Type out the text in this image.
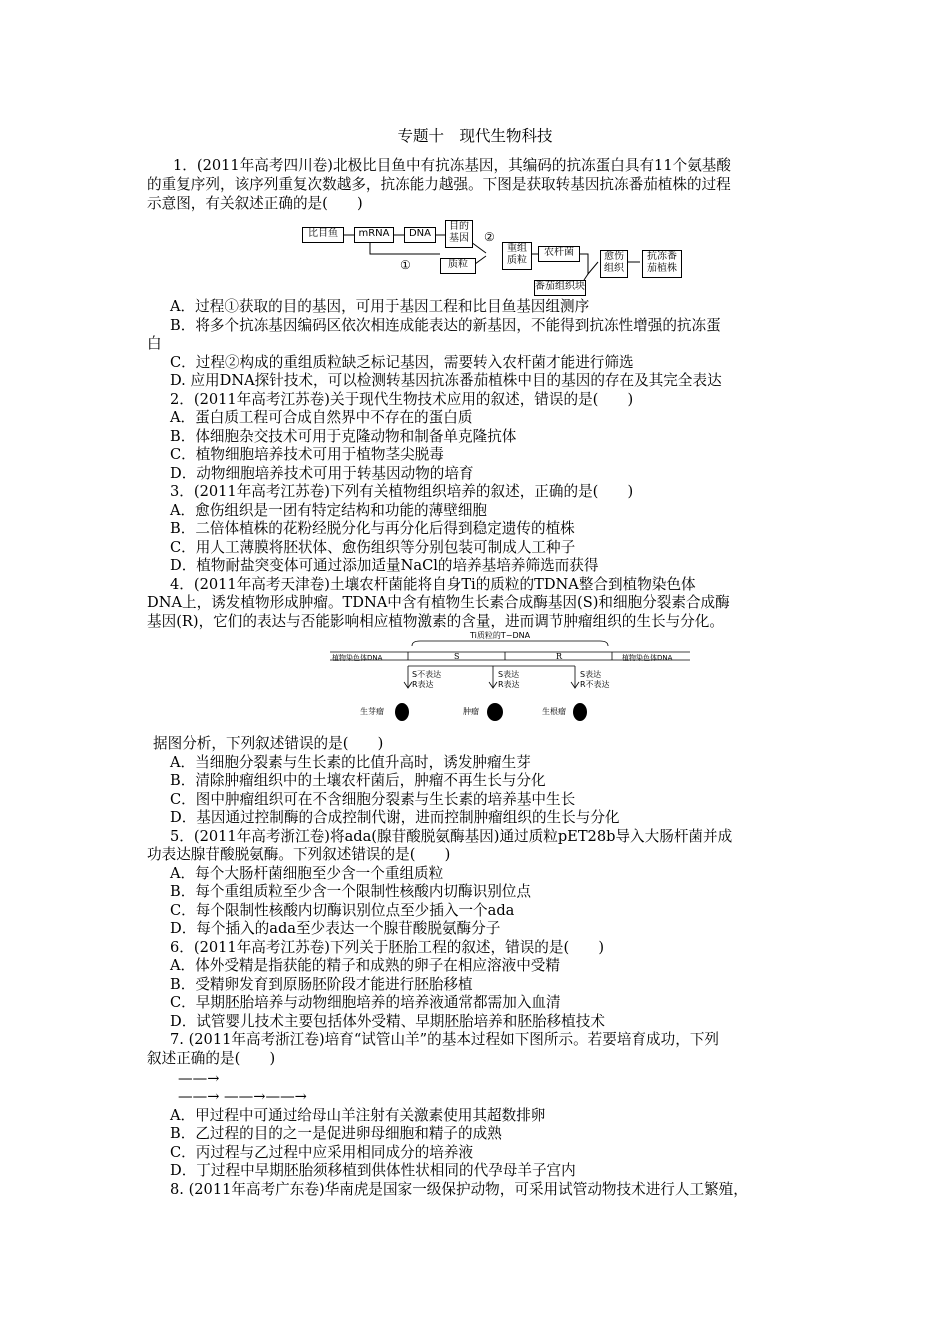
专题十　现代生物科技
1．(2011年高考四川卷)北极比目鱼中有抗冻基因，其编码的抗冻蛋白具有11个氨基酸
的重复序列，该序列重复次数越多，抗冻能力越强。下图是获取转基因抗冻番茄植株的过程
示意图，有关叙述正确的是(　　)
A．过程①获取的目的基因，可用于基因工程和比目鱼基因组测序
B．将多个抗冻基因编码区依次相连成能表达的新基因，不能得到抗冻性增强的抗冻蛋
白
C．过程②构成的重组质粒缺乏标记基因，需要转入农杆菌才能进行筛选
D. 应用DNA探针技术，可以检测转基因抗冻番茄植株中目的基因的存在及其完全表达
2．(2011年高考江苏卷)关于现代生物技术应用的叙述，错误的是(　　)
A．蛋白质工程可合成自然界中不存在的蛋白质
B．体细胞杂交技术可用于克隆动物和制备单克隆抗体
C．植物细胞培养技术可用于植物茎尖脱毒
D．动物细胞培养技术可用于转基因动物的培育
3．(2011年高考江苏卷)下列有关植物组织培养的叙述，正确的是(　　)
A．愈伤组织是一团有特定结构和功能的薄壁细胞
B．二倍体植株的花粉经脱分化与再分化后得到稳定遗传的植株
C．用人工薄膜将胚状体、愈伤组织等分别包装可制成人工种子
D．植物耐盐突变体可通过添加适量NaCl的培养基培养筛选而获得
4．(2011年高考天津卷)土壤农杆菌能将自身Ti的质粒的TDNA整合到植物染色体
DNA上，诱发植物形成肿瘤。TDNA中含有植物生长素合成酶基因(S)和细胞分裂素合成酶
基因(R)，它们的表达与否能影响相应植物激素的含量，进而调节肿瘤组织的生长与分化。
据图分析，下列叙述错误的是(　　)
A．当细胞分裂素与生长素的比值升高时，诱发肿瘤生芽
B．清除肿瘤组织中的土壤农杆菌后，肿瘤不再生长与分化
C．图中肿瘤组织可在不含细胞分裂素与生长素的培养基中生长
D．基因通过控制酶的合成控制代谢，进而控制肿瘤组织的生长与分化
5．(2011年高考浙江卷)将ada(腺苷酸脱氨酶基因)通过质粒pET28b导入大肠杆菌并成
功表达腺苷酸脱氨酶。下列叙述错误的是(　　)
A．每个大肠杆菌细胞至少含一个重组质粒
B．每个重组质粒至少含一个限制性核酸内切酶识别位点
C．每个限制性核酸内切酶识别位点至少插入一个ada
D．每个插入的ada至少表达一个腺苷酸脱氨酶分子
6．(2011年高考江苏卷)下列关于胚胎工程的叙述，错误的是(　　)
A．体外受精是指获能的精子和成熟的卵子在相应溶液中受精
B．受精卵发育到原肠胚阶段才能进行胚胎移植
C．早期胚胎培养与动物细胞培养的培养液通常都需加入血清
D．试管婴儿技术主要包括体外受精、早期胚胎培养和胚胎移植技术
7. (2011年高考浙江卷)培育“试管山羊”的基本过程如下图所示。若要培育成功，下列
叙述正确的是(　　)
——→
——→ ——→——→
A．甲过程中可通过给母山羊注射有关激素使用其超数排卵
B．乙过程的目的之一是促进卵母细胞和精子的成熟
C．丙过程与乙过程中应采用相同成分的培养液
D．丁过程中早期胚胎须移植到供体性状相同的代孕母羊子宫内
8. (2011年高考广东卷)华南虎是国家一级保护动物，可采用试管动物技术进行人工繁殖，
比目鱼	mRNA	DNA
目的基因
质粒
重组质粒
农杆菌
番茄组织块
愈伤组织
抗冻番茄植株
①
②
Ti质粒的T−DNA
植物染色体DNA	植物染色体DNA
S	R
S不表达
R表达
S表达
R表达
S表达
R不表达
生芽瘤	肿瘤	生根瘤
